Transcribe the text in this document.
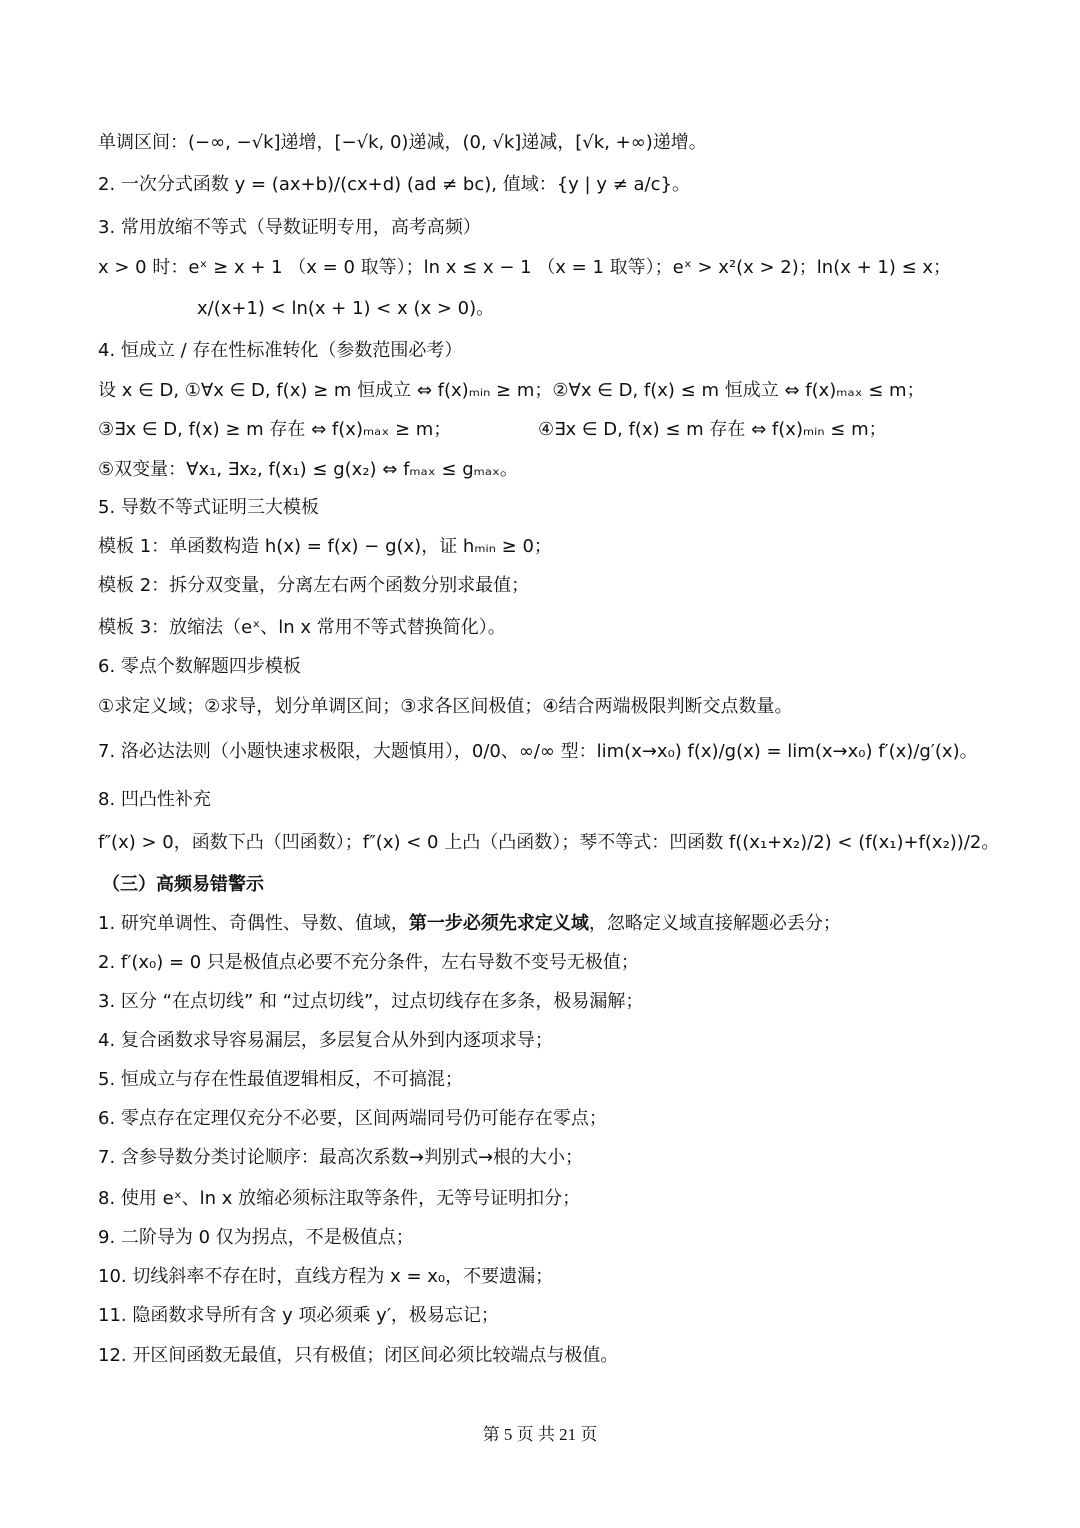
单调区间：(−∞, −√k]递增，[−√k, 0)递减，(0, √k]递减，[√k, +∞)递增。
2. 一次分式函数 y = (ax+b)/(cx+d) (ad ≠ bc), 值域：{y | y ≠ a/c}。
3. 常用放缩不等式（导数证明专用，高考高频）
x > 0 时：eˣ ≥ x + 1 （x = 0 取等）；ln x ≤ x − 1 （x = 1 取等）；eˣ > x²(x > 2)；ln(x + 1) ≤ x；
x/(x+1) < ln(x + 1) < x (x > 0)。
4. 恒成立 / 存在性标准转化（参数范围必考）
设 x ∈ D, ①∀x ∈ D, f(x) ≥ m 恒成立 ⇔ f(x)ₘᵢₙ ≥ m；②∀x ∈ D, f(x) ≤ m 恒成立 ⇔ f(x)ₘₐₓ ≤ m；
③∃x ∈ D, f(x) ≥ m 存在 ⇔ f(x)ₘₐₓ ≥ m；	④∃x ∈ D, f(x) ≤ m 存在 ⇔ f(x)ₘᵢₙ ≤ m；
⑤双变量：∀x₁, ∃x₂, f(x₁) ≤ g(x₂) ⇔ fₘₐₓ ≤ gₘₐₓ。
5. 导数不等式证明三大模板
模板 1：单函数构造 h(x) = f(x) − g(x)，证 hₘᵢₙ ≥ 0；
模板 2：拆分双变量，分离左右两个函数分别求最值；
模板 3：放缩法（eˣ、ln x 常用不等式替换简化）。
6. 零点个数解题四步模板
①求定义域；②求导，划分单调区间；③求各区间极值；④结合两端极限判断交点数量。
7. 洛必达法则（小题快速求极限，大题慎用），0/0、∞/∞ 型：lim(x→x₀) f(x)/g(x) = lim(x→x₀) f′(x)/g′(x)。
8. 凹凸性补充
f″(x) > 0，函数下凸（凹函数）；f″(x) < 0 上凸（凸函数）；琴不等式：凹函数 f((x₁+x₂)/2) < (f(x₁)+f(x₂))/2。
（三）高频易错警示
1. 研究单调性、奇偶性、导数、值域，第一步必须先求定义域，忽略定义域直接解题必丢分；
2. f′(x₀) = 0 只是极值点必要不充分条件，左右导数不变号无极值；
3. 区分 “在点切线” 和 “过点切线”，过点切线存在多条，极易漏解；
4. 复合函数求导容易漏层，多层复合从外到内逐项求导；
5. 恒成立与存在性最值逻辑相反，不可搞混；
6. 零点存在定理仅充分不必要，区间两端同号仍可能存在零点；
7. 含参导数分类讨论顺序：最高次系数→判别式→根的大小；
8. 使用 eˣ、ln x 放缩必须标注取等条件，无等号证明扣分；
9. 二阶导为 0 仅为拐点，不是极值点；
10. 切线斜率不存在时，直线方程为 x = x₀，不要遗漏；
11. 隐函数求导所有含 y 项必须乘 y′，极易忘记；
12. 开区间函数无最值，只有极值；闭区间必须比较端点与极值。
第 5 页 共 21 页
